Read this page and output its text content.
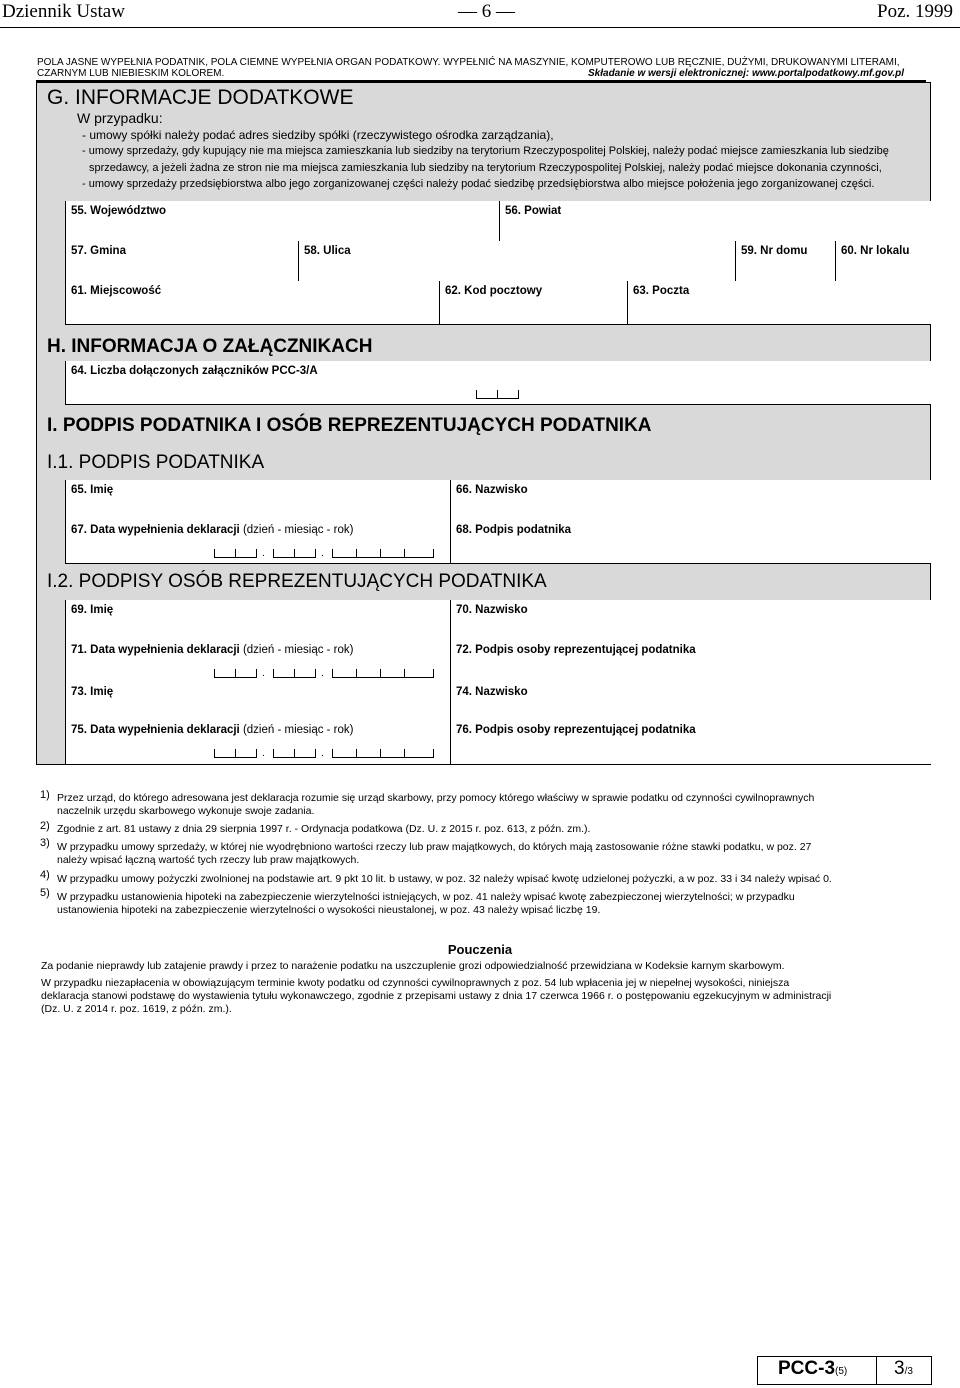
Dziennik Ustaw	— 6 —	Poz. 1999
POLA JASNE WYPEŁNIA PODATNIK, POLA CIEMNE WYPEŁNIA ORGAN PODATKOWY. WYPEŁNIĆ NA MASZYNIE, KOMPUTEROWO LUB RĘCZNIE, DUŻYMI, DRUKOWANYMI LITERAMI,
CZARNYM LUB NIEBIESKIM KOLOREM.	Składanie w wersji elektronicznej: www.portalpodatkowy.mf.gov.pl
G. INFORMACJE DODATKOWE
W przypadku:
- umowy spółki należy podać adres siedziby spółki (rzeczywistego ośrodka zarządzania),
- umowy sprzedaży, gdy kupujący nie ma miejsca zamieszkania lub siedziby na terytorium Rzeczypospolitej Polskiej, należy podać miejsce zamieszkania lub siedzibę
sprzedawcy, a jeżeli żadna ze stron nie ma miejsca zamieszkania lub siedziby na terytorium Rzeczypospolitej Polskiej, należy podać miejsce dokonania czynności,
- umowy sprzedaży przedsiębiorstwa albo jego zorganizowanej części należy podać siedzibę przedsiębiorstwa albo miejsce położenia jego zorganizowanej części.
55. Województwo	56. Powiat
57. Gmina	58. Ulica	59. Nr domu	60. Nr lokalu
61. Miejscowość	62. Kod pocztowy	63. Poczta
H. INFORMACJA O ZAŁĄCZNIKACH
64. Liczba dołączonych załączników PCC-3/A
I. PODPIS PODATNIKA I OSÓB REPREZENTUJĄCYCH PODATNIKA
I.1. PODPIS PODATNIKA
65. Imię	66. Nazwisko
67. Data wypełnienia deklaracji (dzień - miesiąc - rok)
.	.
68. Podpis podatnika
I.2. PODPISY OSÓB REPREZENTUJĄCYCH PODATNIKA
69. Imię	70. Nazwisko
71. Data wypełnienia deklaracji (dzień - miesiąc - rok)
.	.
72. Podpis osoby reprezentującej podatnika
73. Imię	74. Nazwisko
75. Data wypełnienia deklaracji (dzień - miesiąc - rok)
.	.
76. Podpis osoby reprezentującej podatnika
1) Przez urząd, do którego adresowana jest deklaracja rozumie się urząd skarbowy, przy pomocy którego właściwy w sprawie podatku od czynności cywilnoprawnych
naczelnik urzędu skarbowego wykonuje swoje zadania.
2) Zgodnie z art. 81 ustawy z dnia 29 sierpnia 1997 r. - Ordynacja podatkowa (Dz. U. z 2015 r. poz. 613, z późn. zm.).
3) W przypadku umowy sprzedaży, w której nie wyodrębniono wartości rzeczy lub praw majątkowych, do których mają zastosowanie różne stawki podatku, w poz. 27
należy wpisać łączną wartość tych rzeczy lub praw majątkowych.
4) W przypadku umowy pożyczki zwolnionej na podstawie art. 9 pkt 10 lit. b ustawy, w poz. 32 należy wpisać kwotę udzielonej pożyczki, a w poz. 33 i 34 należy wpisać 0.
5) W przypadku ustanowienia hipoteki na zabezpieczenie wierzytelności istniejących, w poz. 41 należy wpisać kwotę zabezpieczonej wierzytelności; w przypadku
ustanowienia hipoteki na zabezpieczenie wierzytelności o wysokości nieustalonej, w poz. 43 należy wpisać liczbę 19.
Pouczenia
Za podanie nieprawdy lub zatajenie prawdy i przez to narażenie podatku na uszczuplenie grozi odpowiedzialność przewidziana w Kodeksie karnym skarbowym.
W przypadku niezapłacenia w obowiązującym terminie kwoty podatku od czynności cywilnoprawnych z poz. 54 lub wpłacenia jej w niepełnej wysokości, niniejsza
deklaracja stanowi podstawę do wystawienia tytułu wykonawczego, zgodnie z przepisami ustawy z dnia 17 czerwca 1966 r. o postępowaniu egzekucyjnym w administracji
(Dz. U. z 2014 r. poz. 1619, z późn. zm.).
PCC-3(5) 3/3
